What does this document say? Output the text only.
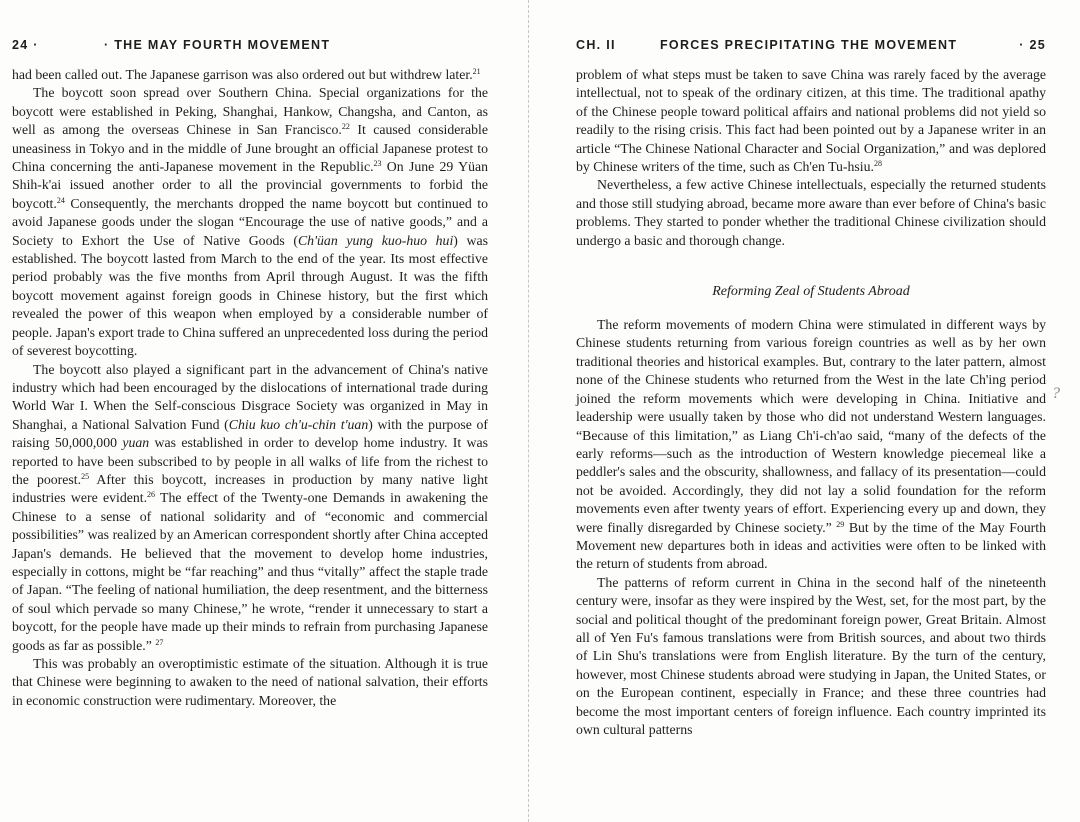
24 ·	· THE MAY FOURTH MOVEMENT

had been called out. The Japanese garrison was also ordered out but withdrew later.$^{21}$

The boycott soon spread over Southern China. Special organizations for the boycott were established in Peking, Shanghai, Hankow, Changsha, and Canton, as well as among the overseas Chinese in San Francisco.$^{22}$ It caused considerable uneasiness in Tokyo and in the middle of June brought an official Japanese protest to China concerning the anti-Japanese movement in the Republic.$^{23}$ On June 29 Yüan Shih-k'ai issued another order to all the provincial governments to forbid the boycott.$^{24}$ Consequently, the merchants dropped the name boycott but continued to avoid Japanese goods under the slogan “Encourage the use of native goods,” and a Society to Exhort the Use of Native Goods (Ch'üan yung kuo-huo hui) was established. The boycott lasted from March to the end of the year. Its most effective period probably was the five months from April through August. It was the fifth boycott movement against foreign goods in Chinese history, but the first which revealed the power of this weapon when employed by a considerable number of people. Japan's export trade to China suffered an unprecedented loss during the period of severest boycotting.

The boycott also played a significant part in the advancement of China's native industry which had been encouraged by the dislocations of international trade during World War I. When the Self-conscious Disgrace Society was organized in May in Shanghai, a National Salvation Fund (Chiu kuo ch'u-chin t'uan) with the purpose of raising 50,000,000 yuan was established in order to develop home industry. It was reported to have been subscribed to by people in all walks of life from the richest to the poorest.$^{25}$ After this boycott, increases in production by many native light industries were evident.$^{26}$ The effect of the Twenty-one Demands in awakening the Chinese to a sense of national solidarity and of “economic and commercial possibilities” was realized by an American correspondent shortly after China accepted Japan's demands. He believed that the movement to develop home industries, especially in cottons, might be “far reaching” and thus “vitally” affect the staple trade of Japan. “The feeling of national humiliation, the deep resentment, and the bitterness of soul which pervade so many Chinese,” he wrote, “render it unnecessary to start a boycott, for the people have made up their minds to refrain from purchasing Japanese goods as far as possible.” $^{27}$

This was probably an overoptimistic estimate of the situation. Although it is true that Chinese were beginning to awaken to the need of national salvation, their efforts in economic construction were rudimentary. Moreover, the

CH. II	FORCES PRECIPITATING THE MOVEMENT	· 25

problem of what steps must be taken to save China was rarely faced by the average intellectual, not to speak of the ordinary citizen, at this time. The traditional apathy of the Chinese people toward political affairs and national problems did not yield so readily to the rising crisis. This fact had been pointed out by a Japanese writer in an article “The Chinese National Character and Social Organization,” and was deplored by Chinese writers of the time, such as Ch'en Tu-hsiu.$^{28}$

Nevertheless, a few active Chinese intellectuals, especially the returned students and those still studying abroad, became more aware than ever before of China's basic problems. They started to ponder whether the traditional Chinese civilization should undergo a basic and thorough change.

Reforming Zeal of Students Abroad

The reform movements of modern China were stimulated in different ways by Chinese students returning from various foreign countries as well as by her own traditional theories and historical examples. But, contrary to the later pattern, almost none of the Chinese students who returned from the West in the late Ch'ing period joined the reform movements which were developing in China. Initiative and leadership were usually taken by those who did not understand Western languages. “Because of this limitation,” as Liang Ch'i-ch'ao said, “many of the defects of the early reforms—such as the introduction of Western knowledge piecemeal like a peddler's sales and the obscurity, shallowness, and fallacy of its presentation—could not be avoided. Accordingly, they did not lay a solid foundation for the reform movements even after twenty years of effort. Experiencing every up and down, they were finally disregarded by Chinese society.” $^{29}$ But by the time of the May Fourth Movement new departures both in ideas and activities were often to be linked with the return of students from abroad.

The patterns of reform current in China in the second half of the nineteenth century were, insofar as they were inspired by the West, set, for the most part, by the social and political thought of the predominant foreign power, Great Britain. Almost all of Yen Fu's famous translations were from British sources, and about two thirds of Lin Shu's translations were from English literature. By the turn of the century, however, most Chinese students abroad were studying in Japan, the United States, or on the European continent, especially in France; and these three countries had become the most important centers of foreign influence. Each country imprinted its own cultural patterns

?
